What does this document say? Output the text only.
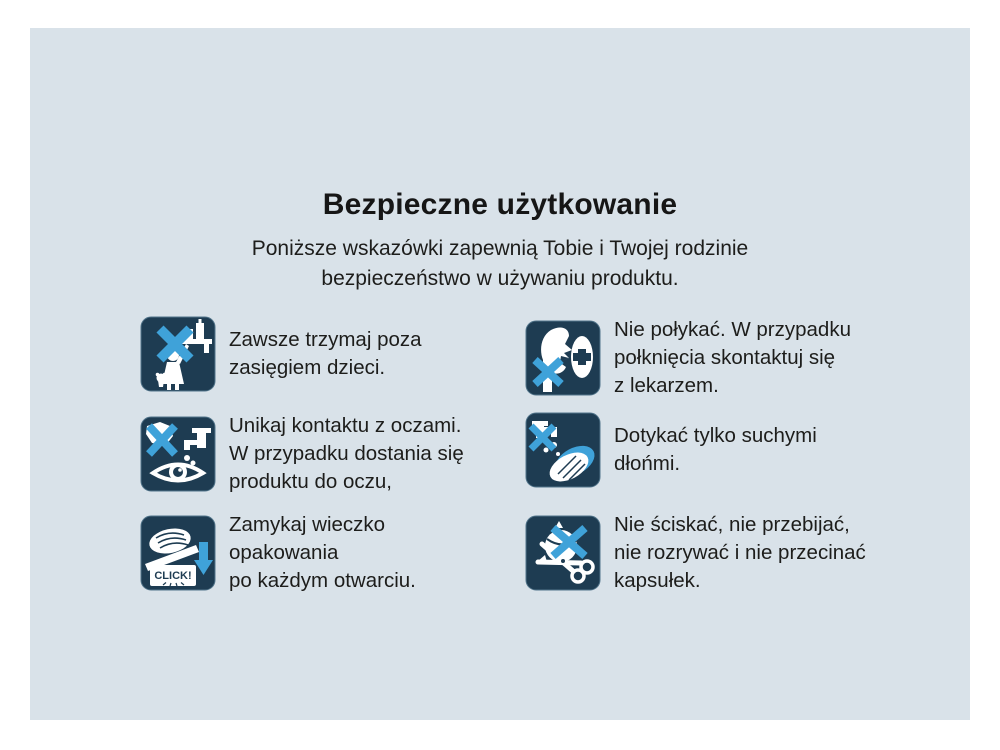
Bezpieczne użytkowanie

Poniższe wskazówki zapewnią Tobie i Twojej rodzinie
bezpieczeństwo w używaniu produktu.

Zawsze trzymaj poza
zasięgiem dzieci.
Unikaj kontaktu z oczami.
W przypadku dostania się
produktu do oczu,
CLICK!
Zamykaj wieczko
opakowania
po każdym otwarciu.
Nie połykać. W przypadku
połknięcia skontaktuj się
z lekarzem.
Dotykać tylko suchymi
dłońmi.
Nie ściskać, nie przebijać,
nie rozrywać i nie przecinać
kapsułek.
